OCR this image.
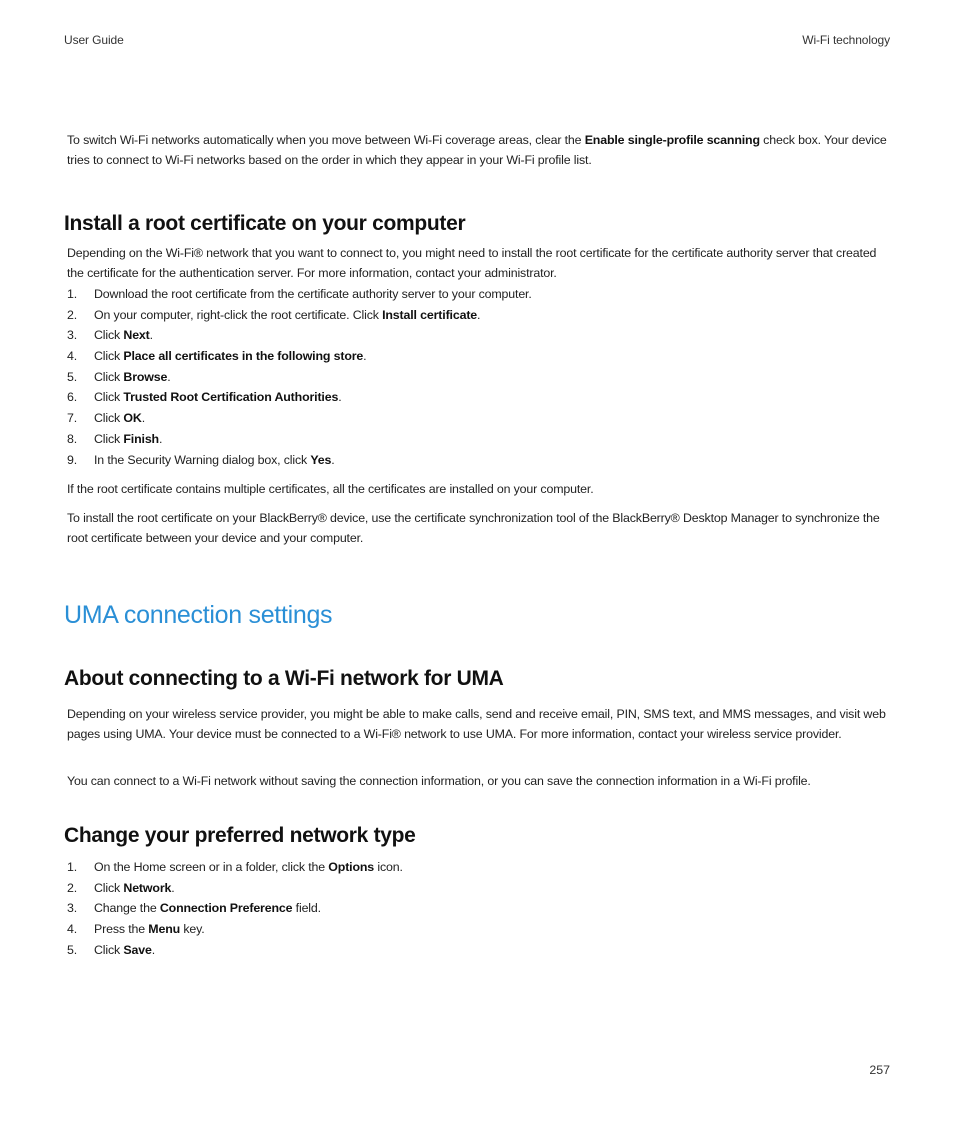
User Guide	Wi-Fi technology

To switch Wi-Fi networks automatically when you move between Wi-Fi coverage areas, clear the Enable single-profile scanning check box. Your device tries to connect to Wi-Fi networks based on the order in which they appear in your Wi-Fi profile list.

Install a root certificate on your computer

Depending on the Wi-Fi® network that you want to connect to, you might need to install the root certificate for the certificate authority server that created the certificate for the authentication server. For more information, contact your administrator.

1.	Download the root certificate from the certificate authority server to your computer.
2.	On your computer, right-click the root certificate. Click Install certificate.
3.	Click Next.
4.	Click Place all certificates in the following store.
5.	Click Browse.
6.	Click Trusted Root Certification Authorities.
7.	Click OK.
8.	Click Finish.
9.	In the Security Warning dialog box, click Yes.

If the root certificate contains multiple certificates, all the certificates are installed on your computer.

To install the root certificate on your BlackBerry® device, use the certificate synchronization tool of the BlackBerry® Desktop Manager to synchronize the root certificate between your device and your computer.

UMA connection settings
About connecting to a Wi-Fi network for UMA

Depending on your wireless service provider, you might be able to make calls, send and receive email, PIN, SMS text, and MMS messages, and visit web pages using UMA. Your device must be connected to a Wi-Fi® network to use UMA. For more information, contact your wireless service provider.

You can connect to a Wi-Fi network without saving the connection information, or you can save the connection information in a Wi-Fi profile.

Change your preferred network type
1.	On the Home screen or in a folder, click the Options icon.
2.	Click Network.
3.	Change the Connection Preference field.
4.	Press the Menu key.
5.	Click Save.
257
